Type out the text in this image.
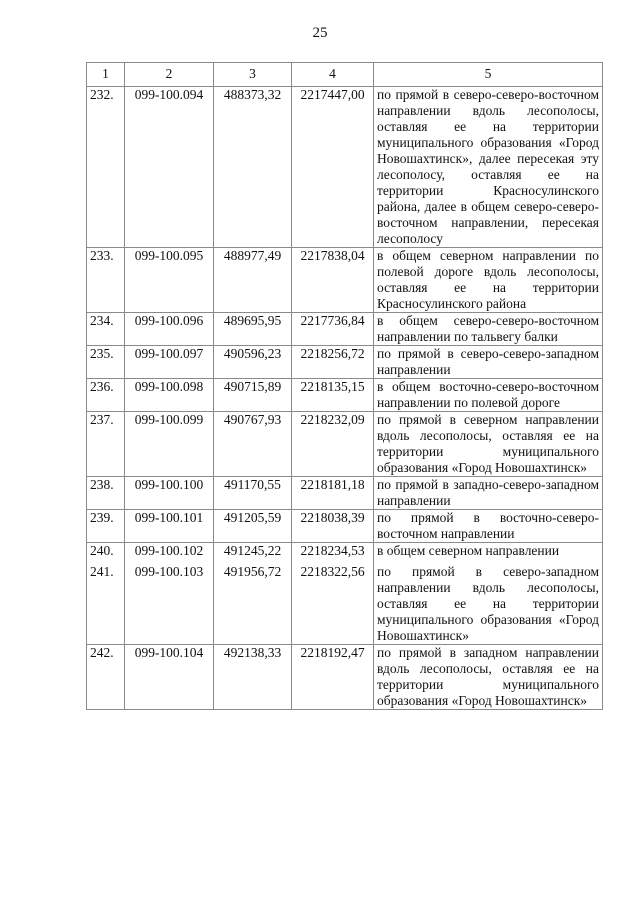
25
1	2	3	4	5
232.	099-100.094	488373,32	2217447,00	по прямой в северо-северо-восточном направлении вдоль лесополосы, оставляя ее на территории муниципального образования «Город Новошахтинск», далее пересекая эту лесополосу, оставляя ее на территории Красносулинского района, далее в общем северо-северо-восточном направлении, пересекая лесополосу
233.	099-100.095	488977,49	2217838,04	в общем северном направлении по полевой дороге вдоль лесополосы, оставляя ее на территории Красносулинского района
234.	099-100.096	489695,95	2217736,84	в общем северо-северо-восточном направлении по тальвегу балки
235.	099-100.097	490596,23	2218256,72	по прямой в северо-северо-западном направлении
236.	099-100.098	490715,89	2218135,15	в общем восточно-северо-восточном направлении по полевой дороге
237.	099-100.099	490767,93	2218232,09	по прямой в северном направлении вдоль лесополосы, оставляя ее на территории муниципального образования «Город Новошахтинск»
238.	099-100.100	491170,55	2218181,18	по прямой в западно-северо-западном направлении
239.	099-100.101	491205,59	2218038,39	по прямой в восточно-северо-восточном направлении
240.	099-100.102	491245,22	2218234,53	в общем северном направлении
241.	099-100.103	491956,72	2218322,56	по прямой в северо-западном направлении вдоль лесополосы, оставляя ее на территории муниципального образования «Город Новошахтинск»
242.	099-100.104	492138,33	2218192,47	по прямой в западном направлении вдоль лесополосы, оставляя ее на территории муниципального образования «Город Новошахтинск»
